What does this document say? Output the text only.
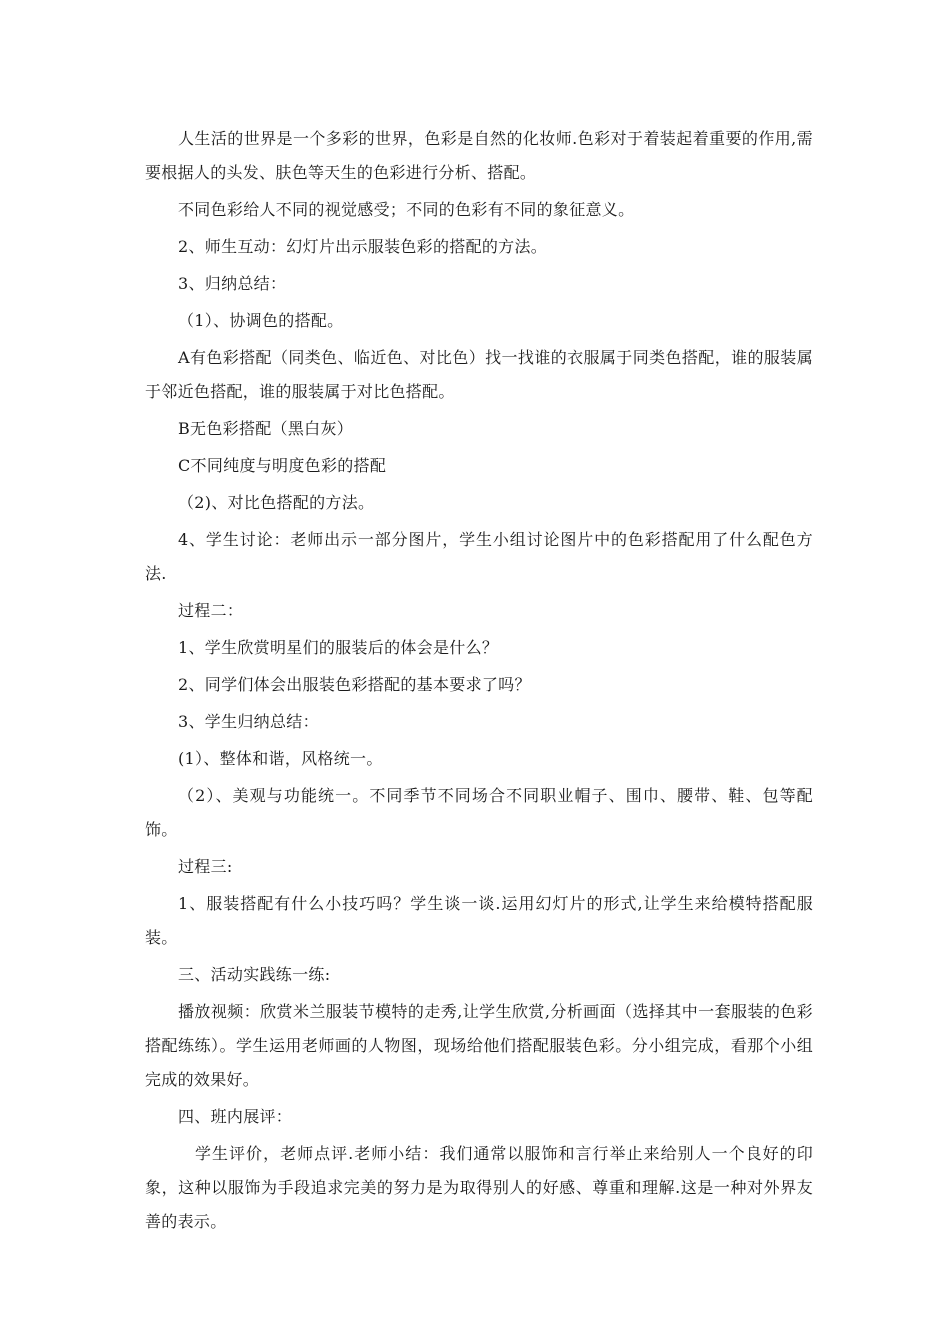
人生活的世界是一个多彩的世界，色彩是自然的化妆师.色彩对于着装起着重要的作用,需要根据人的头发、肤色等天生的色彩进行分析、搭配。

不同色彩给人不同的视觉感受；不同的色彩有不同的象征意义。

2、师生互动：幻灯片出示服装色彩的搭配的方法。

3、归纳总结：

（1）、协调色的搭配。

A有色彩搭配（同类色、临近色、对比色）找一找谁的衣服属于同类色搭配，谁的服装属于邻近色搭配，谁的服装属于对比色搭配。

B无色彩搭配（黑白灰）

C不同纯度与明度色彩的搭配

（2)、对比色搭配的方法。

4、学生讨论：老师出示一部分图片，学生小组讨论图片中的色彩搭配用了什么配色方法.

过程二：

1、学生欣赏明星们的服装后的体会是什么？

2、同学们体会出服装色彩搭配的基本要求了吗？

3、学生归纳总结：

(1）、整体和谐，风格统一。

（2）、美观与功能统一。不同季节不同场合不同职业帽子、围巾、腰带、鞋、包等配饰。

过程三:

1、服装搭配有什么小技巧吗？学生谈一谈.运用幻灯片的形式,让学生来给模特搭配服装。

三、活动实践练一练:

播放视频：欣赏米兰服装节模特的走秀,让学生欣赏,分析画面（选择其中一套服装的色彩搭配练练）。学生运用老师画的人物图，现场给他们搭配服装色彩。分小组完成，看那个小组完成的效果好。

四、班内展评：

学生评价，老师点评.老师小结：我们通常以服饰和言行举止来给别人一个良好的印象，这种以服饰为手段追求完美的努力是为取得别人的好感、尊重和理解.这是一种对外界友善的表示。
